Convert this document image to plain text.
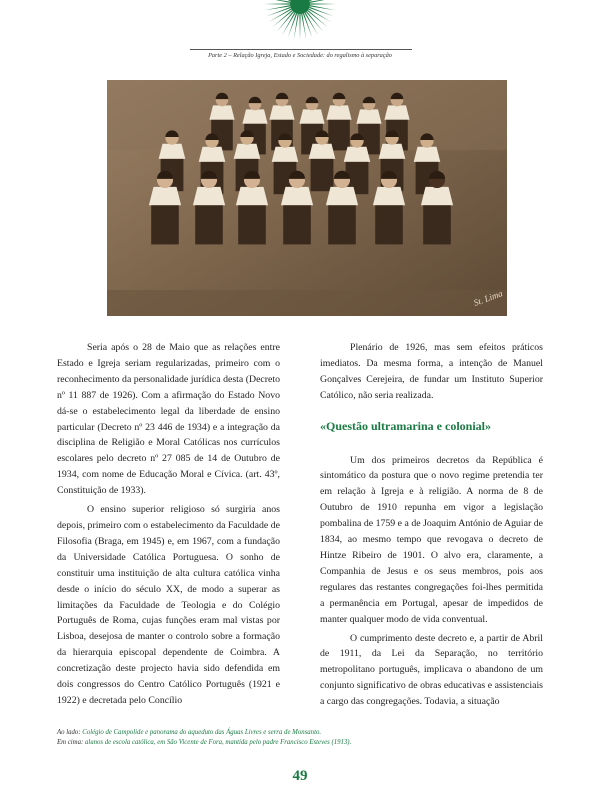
Parte 2 – Relação Igreja, Estado e Sociedade: do regalismo à separação
St. Lima

Seria após o 28 de Maio que as relações entre Estado e Igreja seriam regularizadas, primeiro com o reconhecimento da personalidade jurídica desta (Decreto nº 11 887 de 1926). Com a afirmação do Estado Novo dá-se o estabelecimento legal da liberdade de ensino particular (Decreto nº 23 446 de 1934) e a integração da disciplina de Religião e Moral Católicas nos currículos escolares pelo decreto nº 27 085 de 14 de Outubro de 1934, com nome de Educação Moral e Cívica. (art. 43º, Constituição de 1933).

O ensino superior religioso só surgiria anos depois, primeiro com o estabelecimento da Faculdade de Filosofia (Braga, em 1945) e, em 1967, com a fundação da Universidade Católica Portuguesa. O sonho de constituir uma instituição de alta cultura católica vinha desde o início do século XX, de modo a superar as limitações da Faculdade de Teologia e do Colégio Português de Roma, cujas funções eram mal vistas por Lisboa, desejosa de manter o controlo sobre a formação da hierarquia episcopal dependente de Coimbra. A concretização deste projecto havia sido defendida em dois congressos do Centro Católico Português (1921 e 1922) e decretada pelo Concílio

Plenário de 1926, mas sem efeitos práticos imediatos. Da mesma forma, a intenção de Manuel Gonçalves Cerejeira, de fundar um Instituto Superior Católico, não seria realizada.

«Questão ultramarina e colonial»

Um dos primeiros decretos da República é sintomático da postura que o novo regime pretendia ter em relação à Igreja e à religião. A norma de 8 de Outubro de 1910 repunha em vigor a legislação pombalina de 1759 e a de Joaquim António de Aguiar de 1834, ao mesmo tempo que revogava o decreto de Hintze Ribeiro de 1901. O alvo era, claramente, a Companhia de Jesus e os seus membros, pois aos regulares das restantes congregações foi-lhes permitida a permanência em Portugal, apesar de impedidos de manter qualquer modo de vida conventual.

O cumprimento deste decreto e, a partir de Abril de 1911, da Lei da Separação, no território metropolitano português, implicava o abandono de um conjunto significativo de obras educativas e assistenciais a cargo das congregações. Todavia, a situação

Ao lado: Colégio de Campolide e panorama do aqueduto das Águas Livres e serra de Monsanto.
Em cima: alunos de escola católica, em São Vicente de Fora, mantida pelo padre Francisco Esteves (1913).
49
